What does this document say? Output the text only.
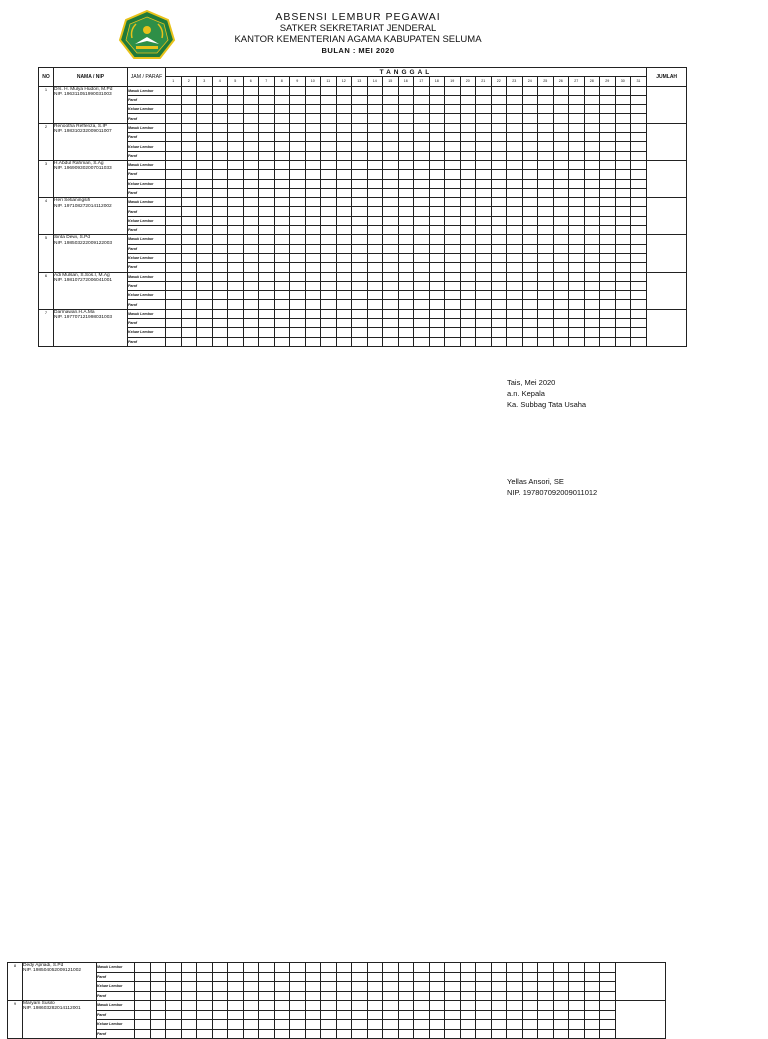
ABSENSI LEMBUR PEGAWAI
SATKER SEKRETARIAT JENDERAL
KANTOR KEMENTERIAN AGAMA KABUPATEN SELUMA
BULAN : MEI 2020
NO	NAMA / NIP	JAM / PARAF	TANGGAL																															JUMLAH
			1	2	3	4	5	6	7	8	9	10	11	12	13	14	15	16	17	18	19	20	21	22	23	24	25	26	27	28	29	30	31	
1	Drs. H. Mulya Hudori, M.Pd
NIP. 196311051990031003	Masuk Lembur																																
		Paraf																																
		Keluar Lembur																																
		Paraf																																
2	Renootha Reffenza, S.IP
NIP. 198310232009011007	Masuk Lembur																																
		Paraf																																
		Keluar Lembur																																
		Paraf																																
3	H.Abdul Rahman, S.Ag
NIP. 196909302007011033	Masuk Lembur																																
		Paraf																																
		Keluar Lembur																																
		Paraf																																
4	Heri Setianingsih
NIP. 197108272014112002	Masuk Lembur																																
		Paraf																																
		Keluar Lembur																																
		Paraf																																
5	Sinta Dewi, S.Pd
NIP. 198503222009122003	Masuk Lembur																																
		Paraf																																
		Keluar Lembur																																
		Paraf																																
6	Adi Mulsan, S.Sos.I, M.Ag
NIP. 198107272006041001	Masuk Lembur																																
		Paraf																																
		Keluar Lembur																																
		Paraf																																
7	Darmawan.H.A.Ma
NIP. 197707121998031003	Masuk Lembur																																
		Paraf																																
		Keluar Lembur																																
		Paraf																																
8	Dedy Apriadi, S.Pd
NIP. 198504052009121002	Masuk Lembur																																
		Paraf																																
		Keluar Lembur																																
		Paraf																																
9	Maryam Susilo
NIP. 198603282014112001	Masuk Lembur																																
		Paraf																																
		Keluar Lembur																																
		Paraf																																
Tais, Mei 2020
a.n. Kepala
Ka. Subbag Tata Usaha
Yellas Ansori, SE
NIP. 197807092009011012
